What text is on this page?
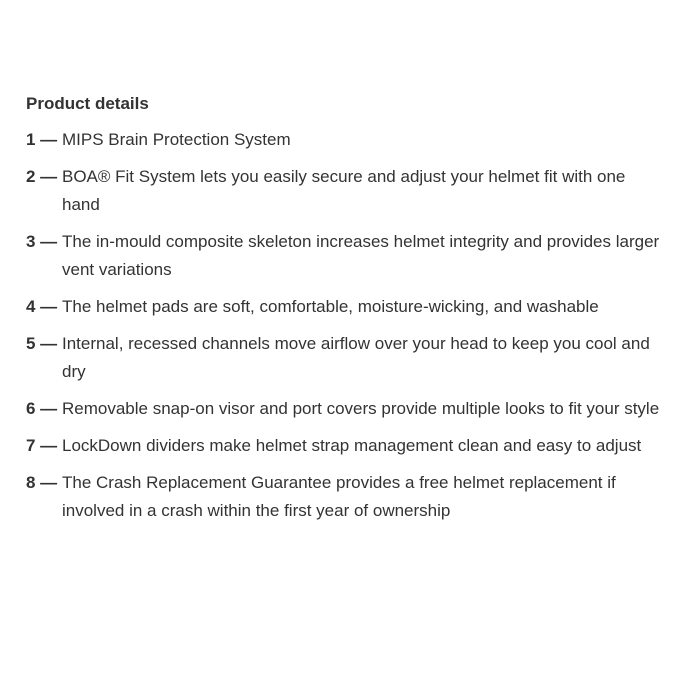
Product details
1 — MIPS Brain Protection System
2 — BOA® Fit System lets you easily secure and adjust your helmet fit with one hand
3 — The in-mould composite skeleton increases helmet integrity and provides larger vent variations
4 — The helmet pads are soft, comfortable, moisture-wicking, and washable
5 — Internal, recessed channels move airflow over your head to keep you cool and dry
6 — Removable snap-on visor and port covers provide multiple looks to fit your style
7 — LockDown dividers make helmet strap management clean and easy to adjust
8 — The Crash Replacement Guarantee provides a free helmet replacement if involved in a crash within the first year of ownership
